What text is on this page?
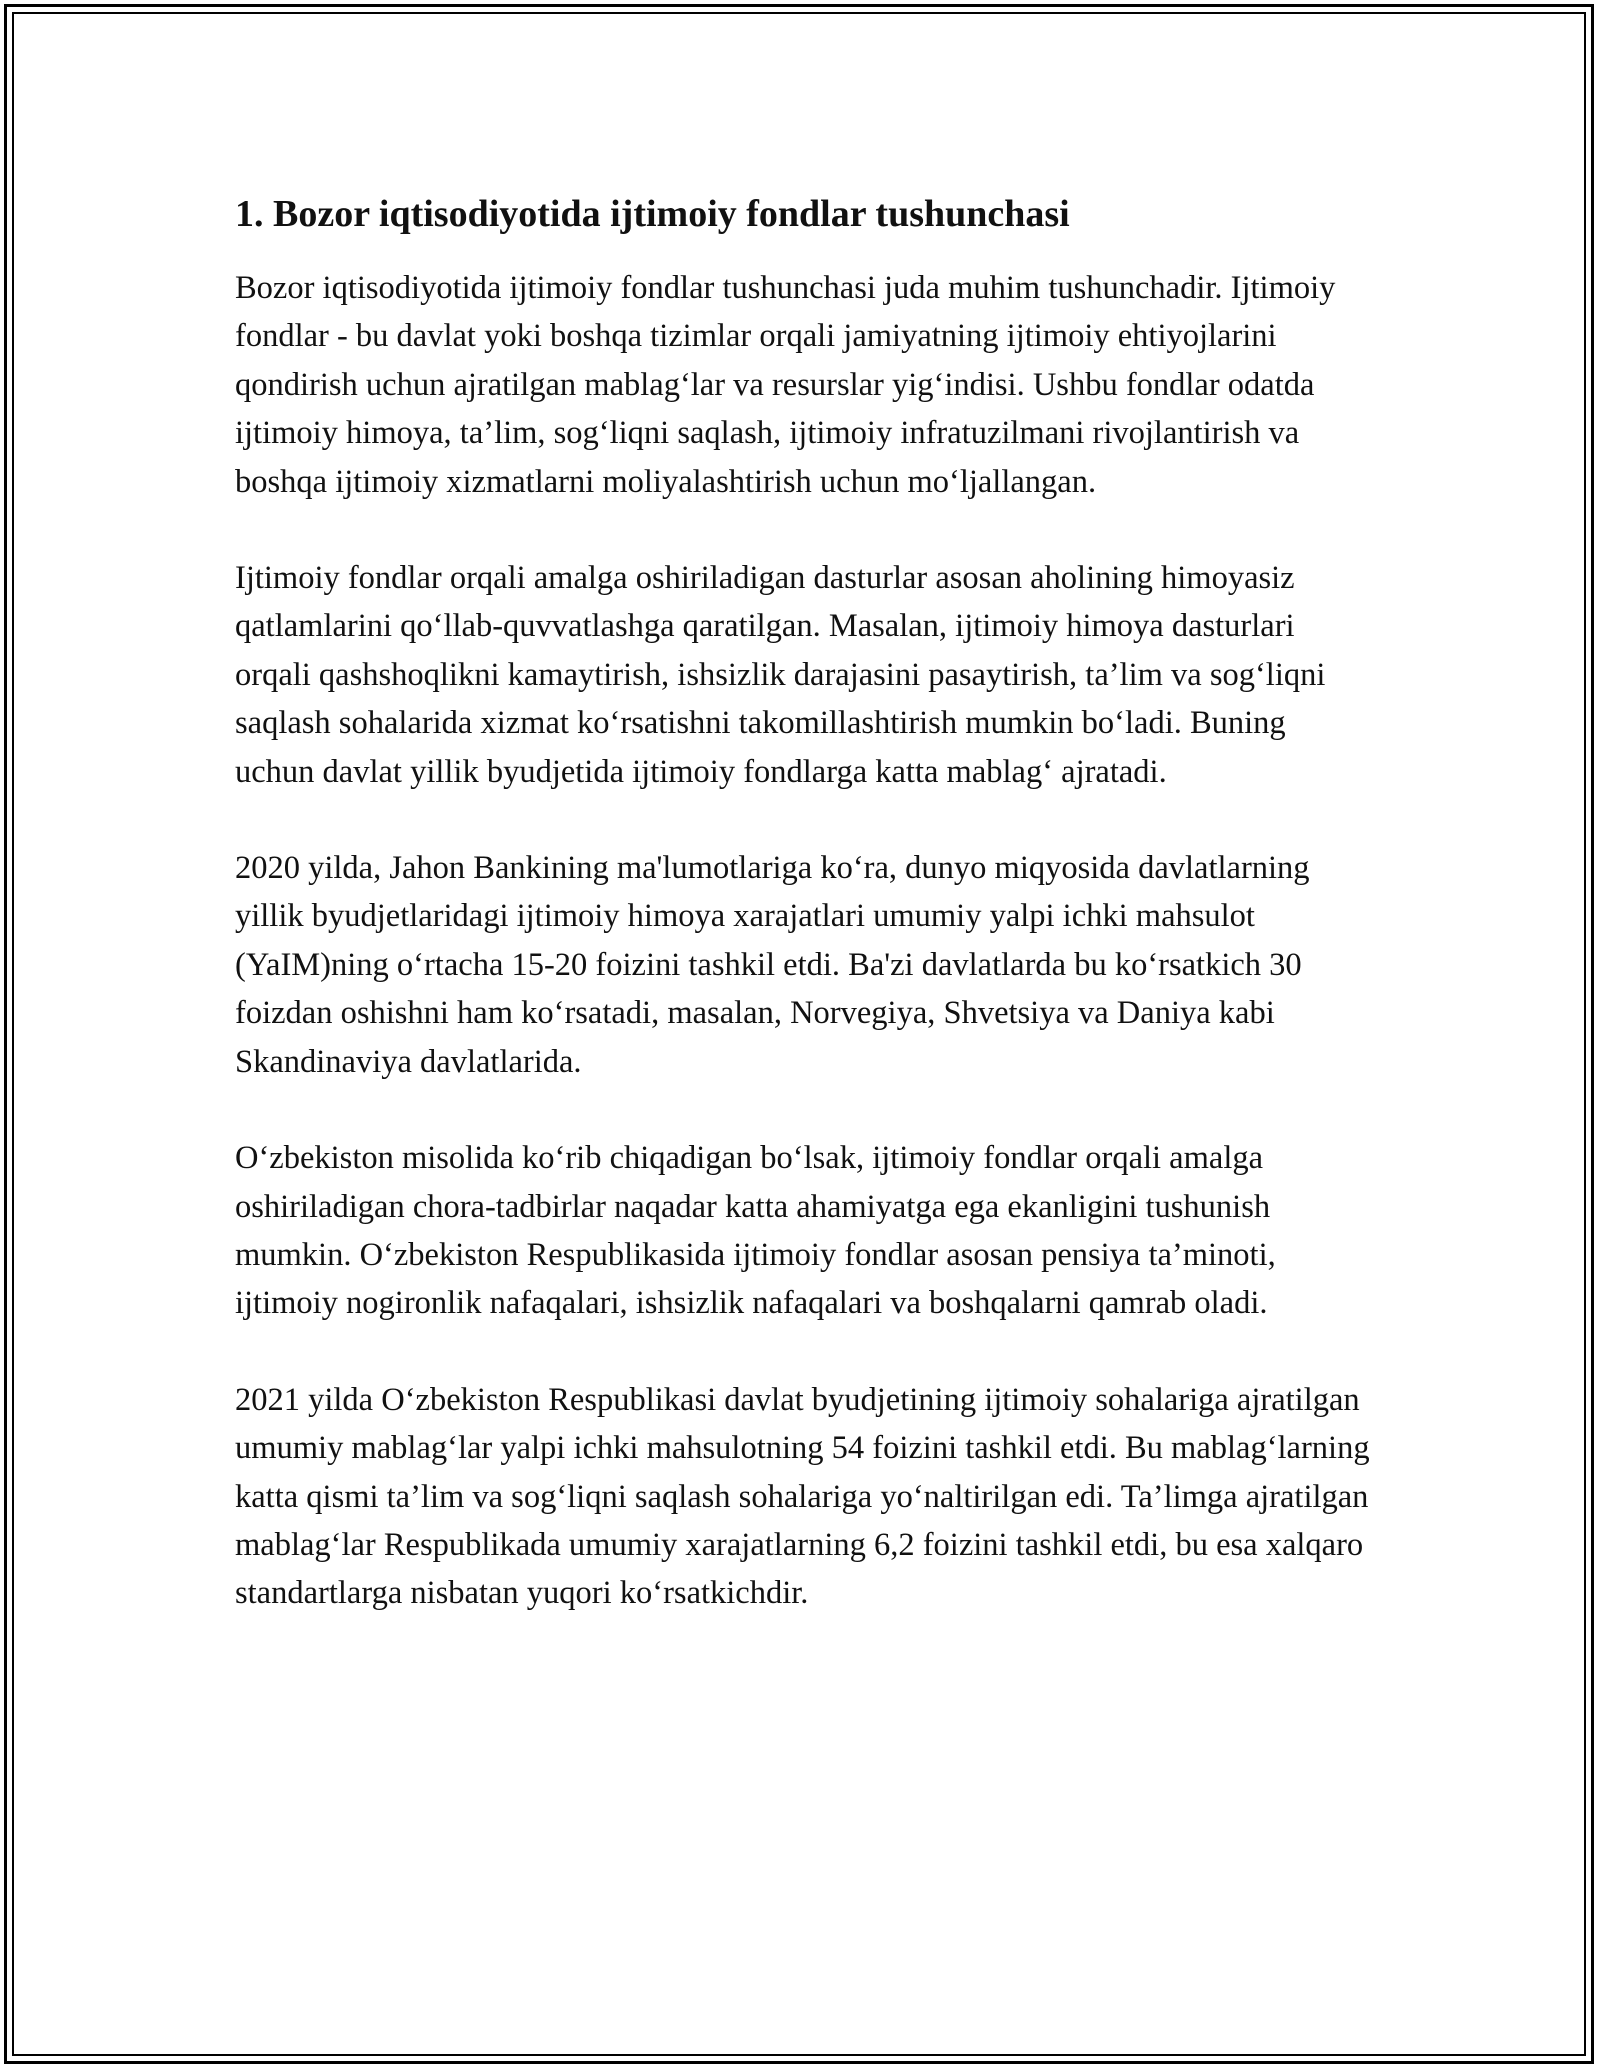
1. Bozor iqtisodiyotida ijtimoiy fondlar tushunchasi

Bozor iqtisodiyotida ijtimoiy fondlar tushunchasi juda muhim tushunchadir. Ijtimoiy fondlar - bu davlat yoki boshqa tizimlar orqali jamiyatning ijtimoiy ehtiyojlarini qondirish uchun ajratilgan mablag‘lar va resurslar yig‘indisi. Ushbu fondlar odatda ijtimoiy himoya, ta’lim, sog‘liqni saqlash, ijtimoiy infratuzilmani rivojlantirish va boshqa ijtimoiy xizmatlarni moliyalashtirish uchun mo‘ljallangan.

Ijtimoiy fondlar orqali amalga oshiriladigan dasturlar asosan aholining himoyasiz qatlamlarini qo‘llab-quvvatlashga qaratilgan. Masalan, ijtimoiy himoya dasturlari orqali qashshoqlikni kamaytirish, ishsizlik darajasini pasaytirish, ta’lim va sog‘liqni saqlash sohalarida xizmat ko‘rsatishni takomillashtirish mumkin bo‘ladi. Buning uchun davlat yillik byudjetida ijtimoiy fondlarga katta mablag‘ ajratadi.

2020 yilda, Jahon Bankining ma'lumotlariga ko‘ra, dunyo miqyosida davlatlarning yillik byudjetlaridagi ijtimoiy himoya xarajatlari umumiy yalpi ichki mahsulot (YaIM)ning o‘rtacha 15-20 foizini tashkil etdi. Ba'zi davlatlarda bu ko‘rsatkich 30 foizdan oshishni ham ko‘rsatadi, masalan, Norvegiya, Shvetsiya va Daniya kabi Skandinaviya davlatlarida.

O‘zbekiston misolida ko‘rib chiqadigan bo‘lsak, ijtimoiy fondlar orqali amalga oshiriladigan chora-tadbirlar naqadar katta ahamiyatga ega ekanligini tushunish mumkin. O‘zbekiston Respublikasida ijtimoiy fondlar asosan pensiya ta’minoti, ijtimoiy nogironlik nafaqalari, ishsizlik nafaqalari va boshqalarni qamrab oladi.

2021 yilda O‘zbekiston Respublikasi davlat byudjetining ijtimoiy sohalariga ajratilgan umumiy mablag‘lar yalpi ichki mahsulotning 54 foizini tashkil etdi. Bu mablag‘larning katta qismi ta’lim va sog‘liqni saqlash sohalariga yo‘naltirilgan edi. Ta’limga ajratilgan mablag‘lar Respublikada umumiy xarajatlarning 6,2 foizini tashkil etdi, bu esa xalqaro standartlarga nisbatan yuqori ko‘rsatkichdir.
